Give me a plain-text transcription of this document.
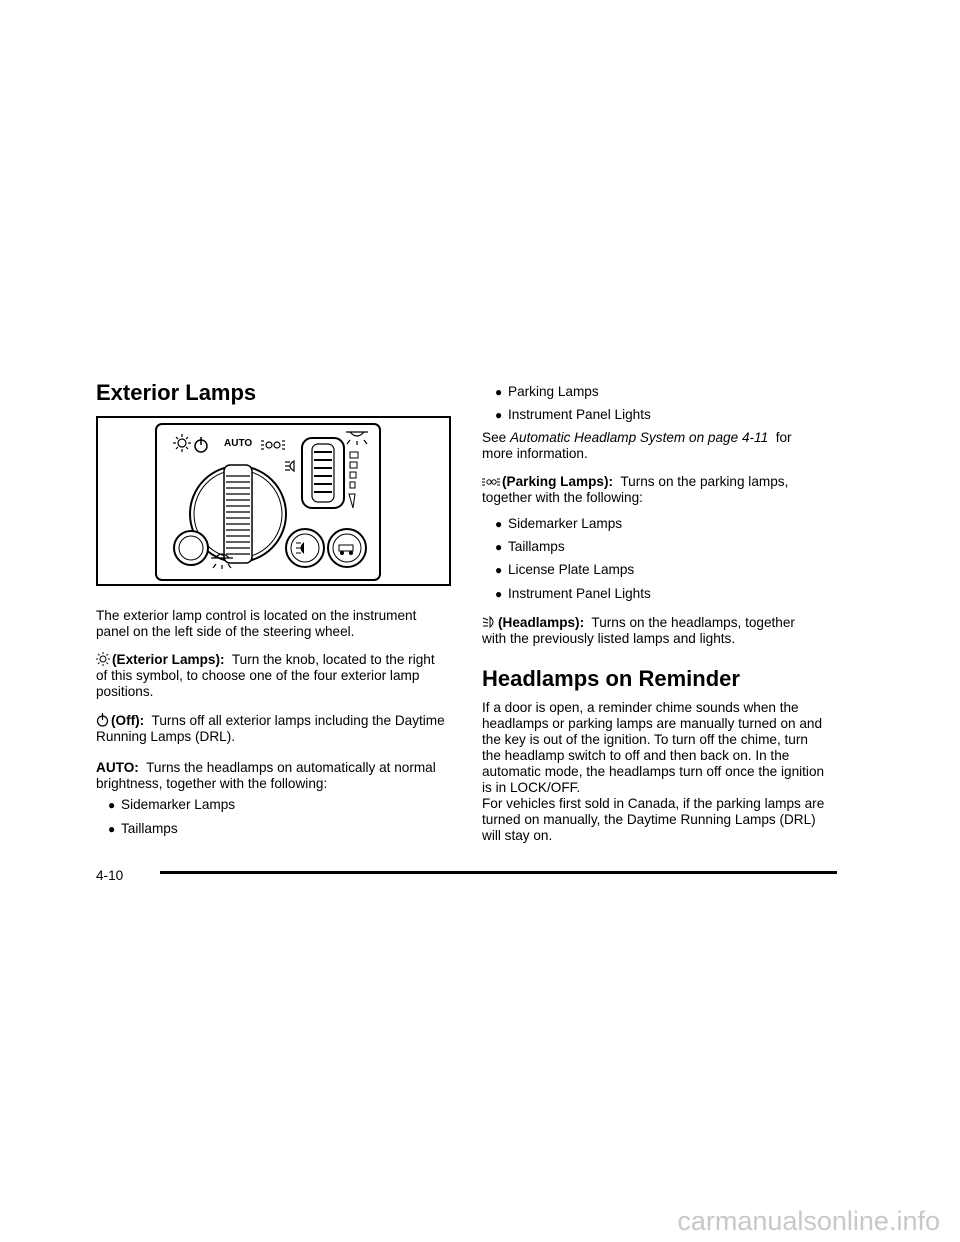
Exterior Lamps
AUTO

The exterior lamp control is located on the instrument panel on the left side of the steering wheel.

(Exterior Lamps): Turn the knob, located to the right of this symbol, to choose one of the four exterior lamp positions.

(Off): Turns off all exterior lamps including the Daytime Running Lamps (DRL).

AUTO: Turns the headlamps on automatically at normal brightness, together with the following:

● Sidemarker Lamps
● Taillamps
● Parking Lamps
● Instrument Panel Lights

See Automatic Headlamp System on page 4-11 for more information.

(Parking Lamps): Turns on the parking lamps, together with the following:

● Sidemarker Lamps
● Taillamps
● License Plate Lamps
● Instrument Panel Lights

(Headlamps): Turns on the headlamps, together with the previously listed lamps and lights.

Headlamps on Reminder

If a door is open, a reminder chime sounds when the headlamps or parking lamps are manually turned on and the key is out of the ignition. To turn off the chime, turn the headlamp switch to off and then back on. In the automatic mode, the headlamps turn off once the ignition is in LOCK/OFF.

For vehicles first sold in Canada, if the parking lamps are turned on manually, the Daytime Running Lamps (DRL) will stay on.

4-10
carmanualsonline.info
